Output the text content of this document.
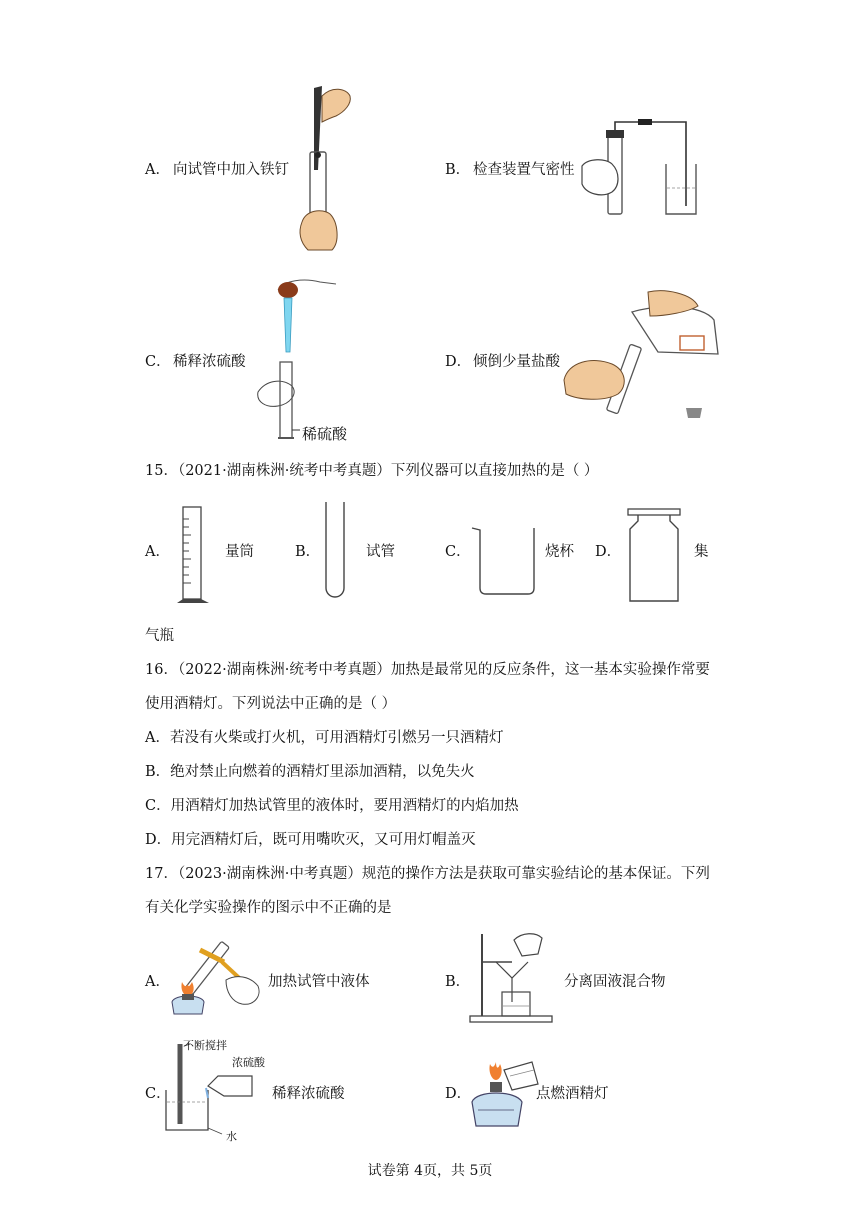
A． 向试管中加入铁钉	B． 检查装置气密性
C． 稀释浓硫酸
稀硫酸
D． 倾倒少量盐酸
15．（2021·湖南株洲·统考中考真题）下列仪器可以直接加热的是（ ）
A．	量筒	B．	试管	C．	烧杯 D．	集
气瓶
16．（2022·湖南株洲·统考中考真题）加热是最常见的反应条件，这一基本实验操作常要
使用酒精灯。下列说法中正确的是（ ）
A．若没有火柴或打火机，可用酒精灯引燃另一只酒精灯
B．绝对禁止向燃着的酒精灯里添加酒精，以免失火
C．用酒精灯加热试管里的液体时，要用酒精灯的内焰加热
D．用完酒精灯后，既可用嘴吹灭，又可用灯帽盖灭
17．（2023·湖南株洲·中考真题）规范的操作方法是获取可靠实验结论的基本保证。下列
有关化学实验操作的图示中不正确的是
A．	加热试管中液体	B．	分离固液混合物
C．
不断搅拌
浓硫酸
水
稀释浓硫酸	D．	点燃酒精灯
试卷第 4页，共 5页
